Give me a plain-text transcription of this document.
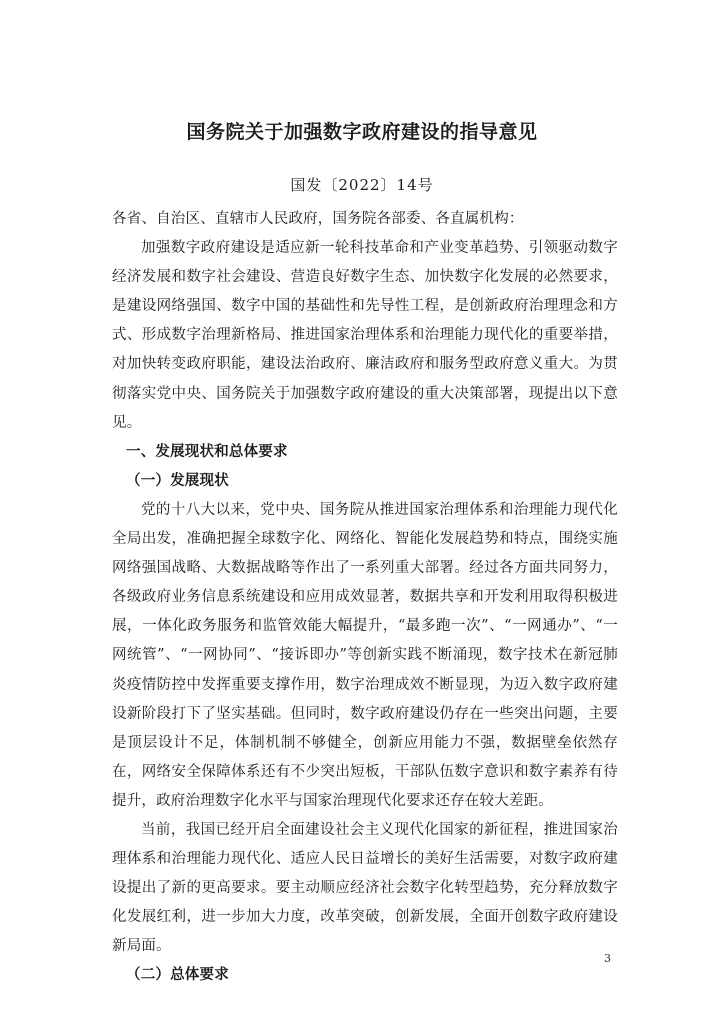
国务院关于加强数字政府建设的指导意见
国发〔2022〕14号

各省、自治区、直辖市人民政府，国务院各部委、各直属机构：

加强数字政府建设是适应新一轮科技革命和产业变革趋势、引领驱动数字经济发展和数字社会建设、营造良好数字生态、加快数字化发展的必然要求，是建设网络强国、数字中国的基础性和先导性工程，是创新政府治理理念和方式、形成数字治理新格局、推进国家治理体系和治理能力现代化的重要举措，对加快转变政府职能，建设法治政府、廉洁政府和服务型政府意义重大。为贯彻落实党中央、国务院关于加强数字政府建设的重大决策部署，现提出以下意见。

一、发展现状和总体要求
（一）发展现状

党的十八大以来，党中央、国务院从推进国家治理体系和治理能力现代化全局出发，准确把握全球数字化、网络化、智能化发展趋势和特点，围绕实施网络强国战略、大数据战略等作出了一系列重大部署。经过各方面共同努力，各级政府业务信息系统建设和应用成效显著，数据共享和开发利用取得积极进展，一体化政务服务和监管效能大幅提升，“最多跑一次”、“一网通办”、“一网统管”、“一网协同”、“接诉即办”等创新实践不断涌现，数字技术在新冠肺炎疫情防控中发挥重要支撑作用，数字治理成效不断显现，为迈入数字政府建设新阶段打下了坚实基础。但同时，数字政府建设仍存在一些突出问题，主要是顶层设计不足，体制机制不够健全，创新应用能力不强，数据壁垒依然存在，网络安全保障体系还有不少突出短板，干部队伍数字意识和数字素养有待提升，政府治理数字化水平与国家治理现代化要求还存在较大差距。

当前，我国已经开启全面建设社会主义现代化国家的新征程，推进国家治理体系和治理能力现代化、适应人民日益增长的美好生活需要，对数字政府建设提出了新的更高要求。要主动顺应经济社会数字化转型趋势，充分释放数字化发展红利，进一步加大力度，改革突破，创新发展，全面开创数字政府建设新局面。

（二）总体要求
3
